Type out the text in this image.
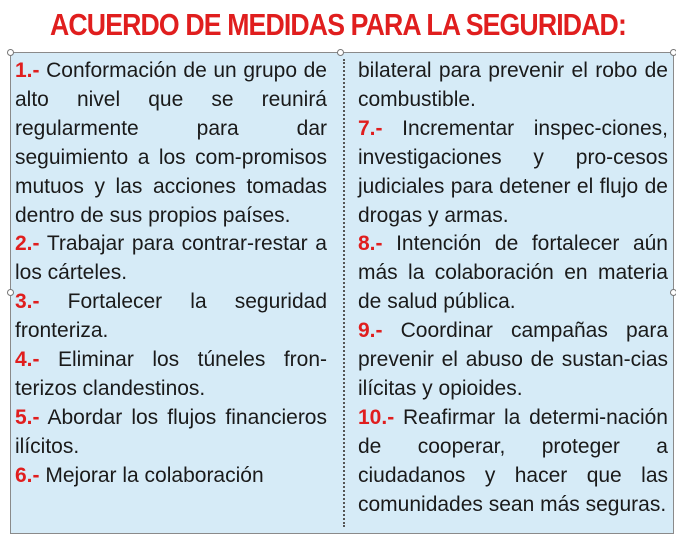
ACUERDO DE MEDIDAS PARA LA SEGURIDAD:

1.- Conformación de un grupo de alto nivel que se reunirá regularmente para dar seguimiento a los com-promisos mutuos y las acciones tomadas dentro de sus propios países.

2.- Trabajar para contrar-restar a los cárteles.

3.- Fortalecer la seguridad fronteriza.

4.- Eliminar los túneles fron-terizos clandestinos.

5.- Abordar los flujos financieros ilícitos.

6.- Mejorar la colaboración

bilateral para prevenir el robo de combustible.

7.- Incrementar inspec-ciones, investigaciones y pro-cesos judiciales para detener el flujo de drogas y armas.

8.- Intención de fortalecer aún más la colaboración en materia de salud pública.

9.- Coordinar campañas para prevenir el abuso de sustan-cias ilícitas y opioides.

10.- Reafirmar la determi-nación de cooperar, proteger a ciudadanos y hacer que las comunidades sean más seguras.
